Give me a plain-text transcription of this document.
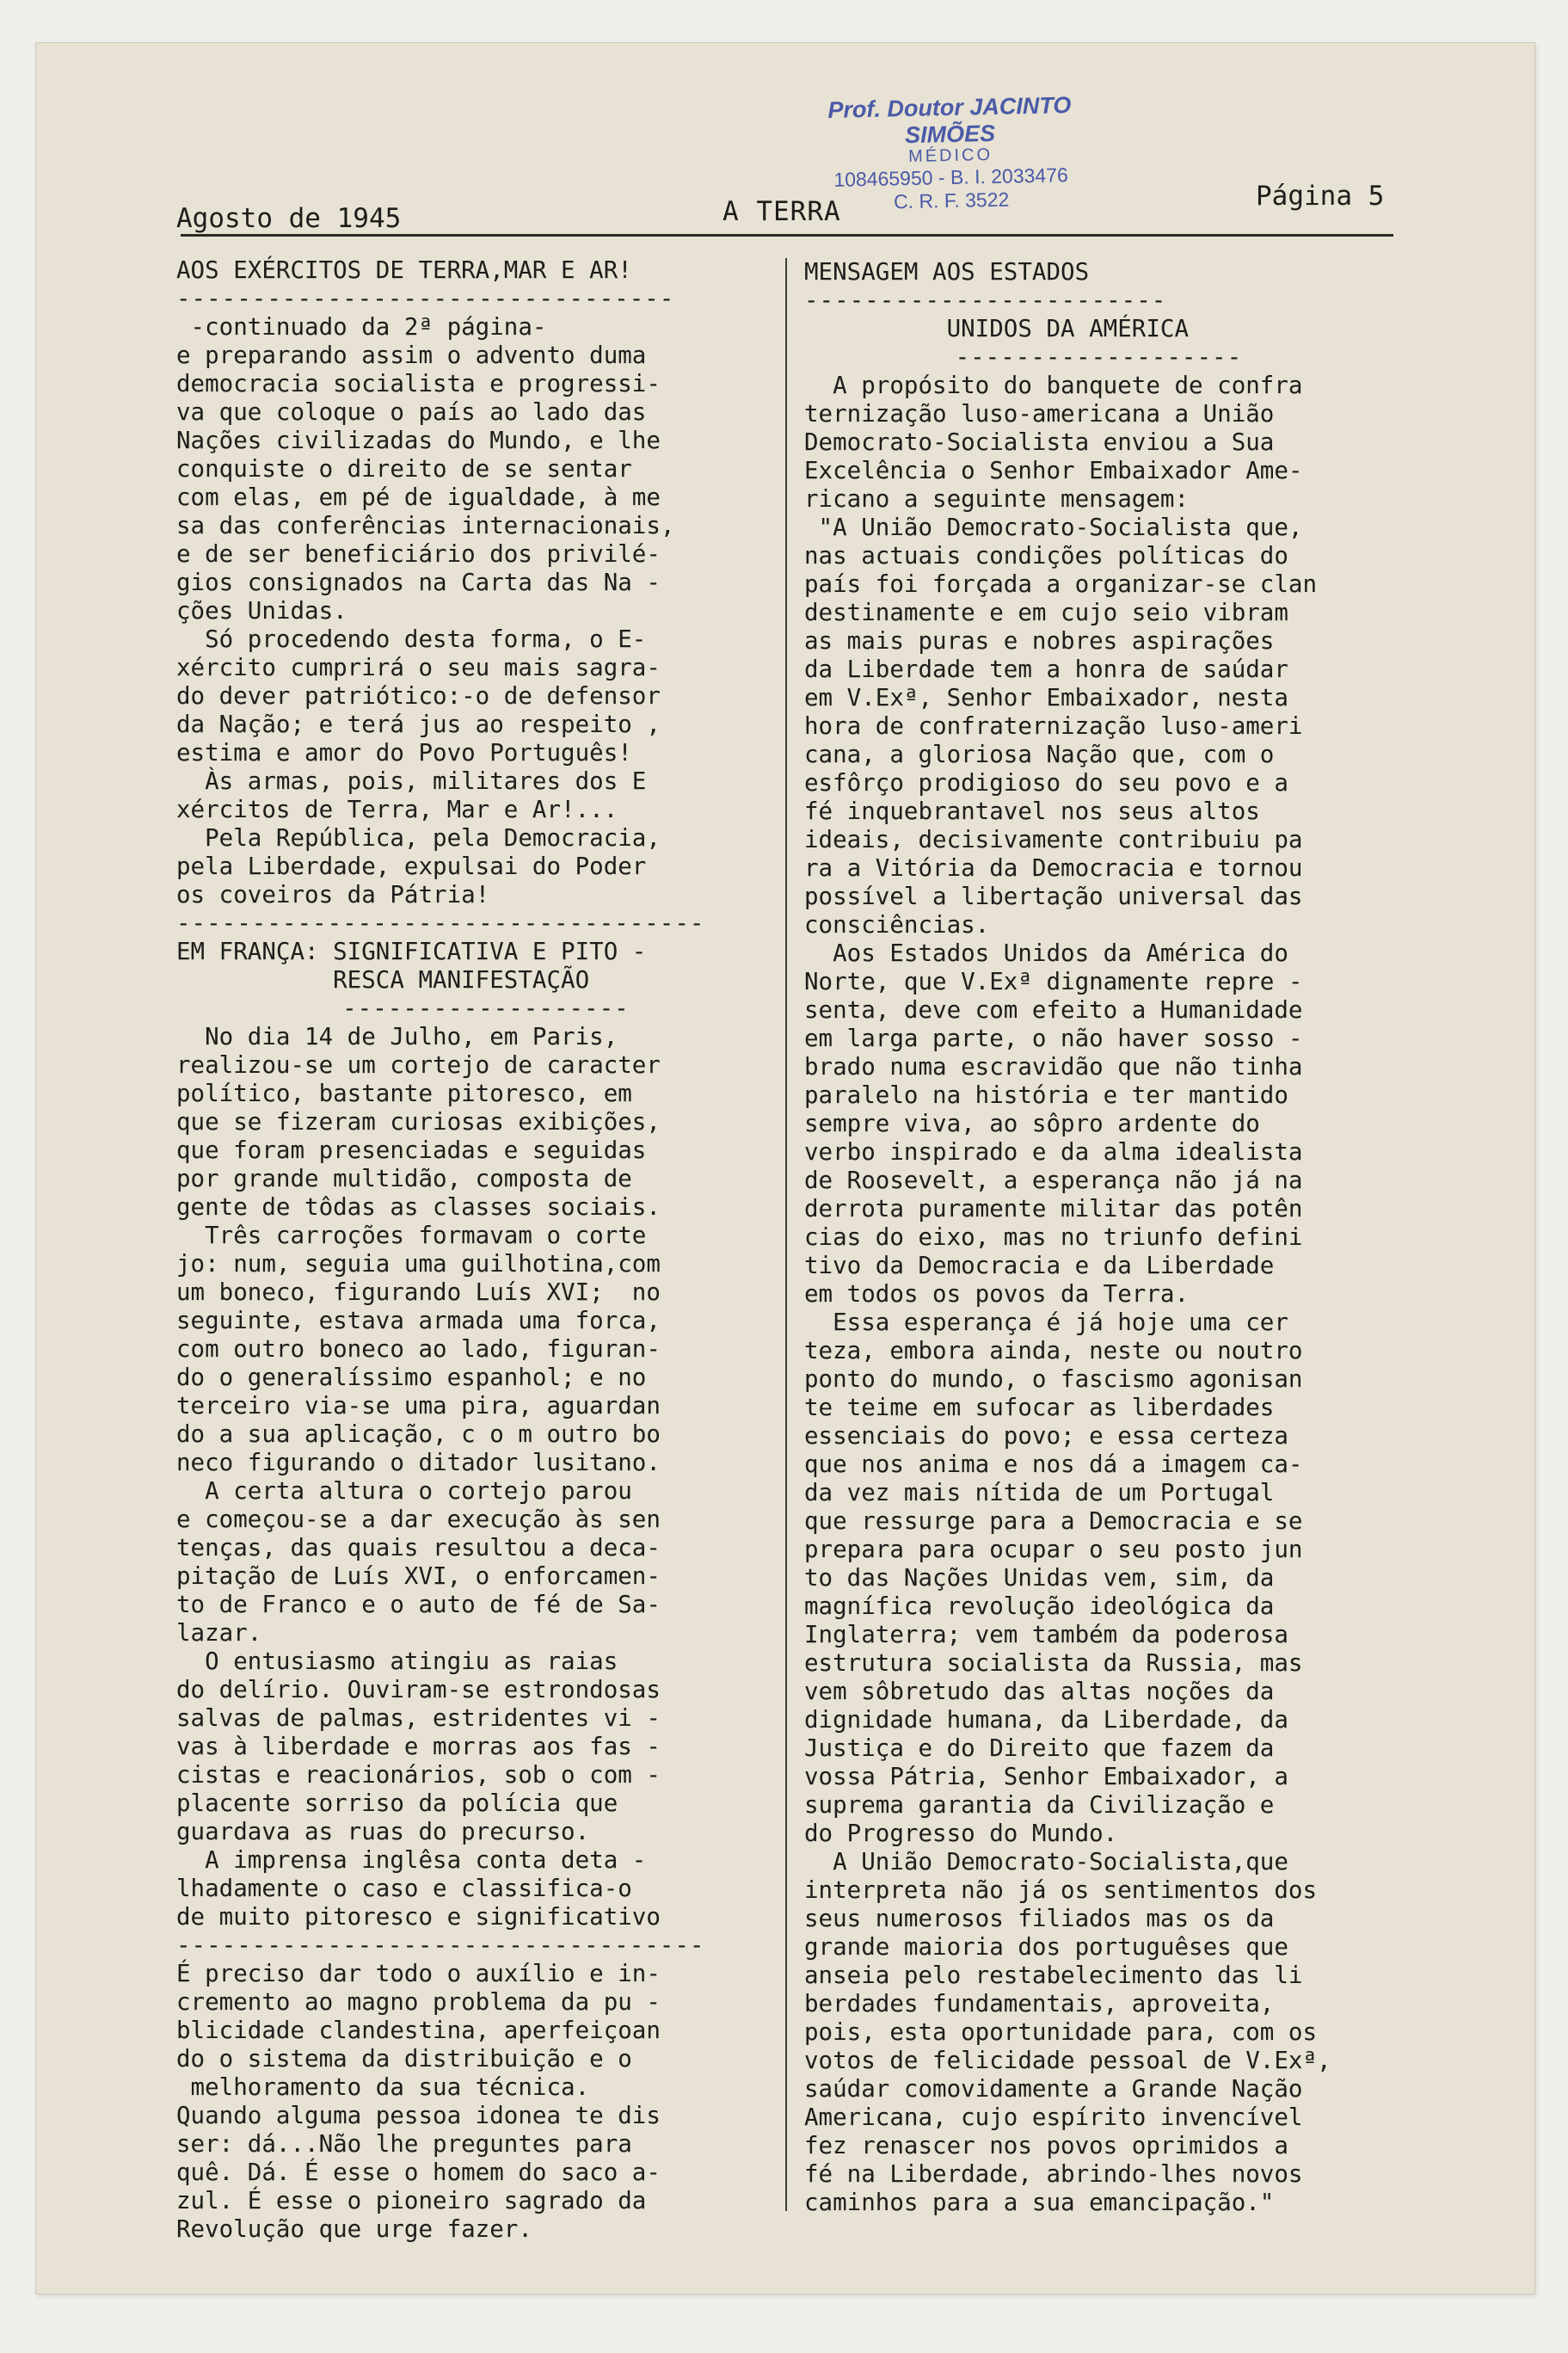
Prof. Doutor JACINTO SIMÕES
MÉDICO
108465950 - B. I. 2033476
C. R. F. 3522
Agosto de 1945	A TERRA	Página 5
AOS EXÉRCITOS DE TERRA,MAR E AR!
---------------------------------
-continuado da 2ª página-
e preparando assim o advento duma
democracia socialista e progressi-
va que coloque o país ao lado das
Nações civilizadas do Mundo, e lhe
conquiste o direito de se sentar
com elas, em pé de igualdade, à me
sa das conferências internacionais,
e de ser beneficiário dos privilé-
gios consignados na Carta das Na -
ções Unidas.
Só procedendo desta forma, o E-
xército cumprirá o seu mais sagra-
do dever patriótico:-o de defensor
da Nação; e terá jus ao respeito ,
estima e amor do Povo Português!
Às armas, pois, militares dos E
xércitos de Terra, Mar e Ar!...
Pela República, pela Democracia,
pela Liberdade, expulsai do Poder
os coveiros da Pátria!
-----------------------------------
EM FRANÇA: SIGNIFICATIVA E PITO -
RESCA MANIFESTAÇÃO
-------------------
No dia 14 de Julho, em Paris,
realizou-se um cortejo de caracter
político, bastante pitoresco, em
que se fizeram curiosas exibições,
que foram presenciadas e seguidas
por grande multidão, composta de
gente de tôdas as classes sociais.
Três carroções formavam o corte
jo: num, seguia uma guilhotina,com
um boneco, figurando Luís XVI;  no
seguinte, estava armada uma forca,
com outro boneco ao lado, figuran-
do o generalíssimo espanhol; e no
terceiro via-se uma pira, aguardan
do a sua aplicação, c o m outro bo
neco figurando o ditador lusitano.
A certa altura o cortejo parou
e começou-se a dar execução às sen
tenças, das quais resultou a deca-
pitação de Luís XVI, o enforcamen-
to de Franco e o auto de fé de Sa-
lazar.
O entusiasmo atingiu as raias
do delírio. Ouviram-se estrondosas
salvas de palmas, estridentes vi -
vas à liberdade e morras aos fas -
cistas e reacionários, sob o com -
placente sorriso da polícia que
guardava as ruas do precurso.
A imprensa inglêsa conta deta -
lhadamente o caso e classifica-o
de muito pitoresco e significativo
-----------------------------------
É preciso dar todo o auxílio e in-
cremento ao magno problema da pu -
blicidade clandestina, aperfeiçoan
do o sistema da distribuição e o
melhoramento da sua técnica.
Quando alguma pessoa idonea te dis
ser: dá...Não lhe preguntes para
quê. Dá. É esse o homem do saco a-
zul. É esse o pioneiro sagrado da
Revolução que urge fazer.
MENSAGEM AOS ESTADOS
------------------------
UNIDOS DA AMÉRICA
-------------------
A propósito do banquete de confra
ternização luso-americana a União
Democrato-Socialista enviou a Sua
Excelência o Senhor Embaixador Ame-
ricano a seguinte mensagem:
"A União Democrato-Socialista que,
nas actuais condições políticas do
país foi forçada a organizar-se clan
destinamente e em cujo seio vibram
as mais puras e nobres aspirações
da Liberdade tem a honra de saúdar
em V.Exª, Senhor Embaixador, nesta
hora de confraternização luso-ameri
cana, a gloriosa Nação que, com o
esfôrço prodigioso do seu povo e a
fé inquebrantavel nos seus altos
ideais, decisivamente contribuiu pa
ra a Vitória da Democracia e tornou
possível a libertação universal das
consciências.
Aos Estados Unidos da América do
Norte, que V.Exª dignamente repre -
senta, deve com efeito a Humanidade
em larga parte, o não haver sosso -
brado numa escravidão que não tinha
paralelo na história e ter mantido
sempre viva, ao sôpro ardente do
verbo inspirado e da alma idealista
de Roosevelt, a esperança não já na
derrota puramente militar das potên
cias do eixo, mas no triunfo defini
tivo da Democracia e da Liberdade
em todos os povos da Terra.
Essa esperança é já hoje uma cer
teza, embora ainda, neste ou noutro
ponto do mundo, o fascismo agonisan
te teime em sufocar as liberdades
essenciais do povo; e essa certeza
que nos anima e nos dá a imagem ca-
da vez mais nítida de um Portugal
que ressurge para a Democracia e se
prepara para ocupar o seu posto jun
to das Nações Unidas vem, sim, da
magnífica revolução ideológica da
Inglaterra; vem também da poderosa
estrutura socialista da Russia, mas
vem sôbretudo das altas noções da
dignidade humana, da Liberdade, da
Justiça e do Direito que fazem da
vossa Pátria, Senhor Embaixador, a
suprema garantia da Civilização e
do Progresso do Mundo.
A União Democrato-Socialista,que
interpreta não já os sentimentos dos
seus numerosos filiados mas os da
grande maioria dos portuguêses que
anseia pelo restabelecimento das li
berdades fundamentais, aproveita,
pois, esta oportunidade para, com os
votos de felicidade pessoal de V.Exª,
saúdar comovidamente a Grande Nação
Americana, cujo espírito invencível
fez renascer nos povos oprimidos a
fé na Liberdade, abrindo-lhes novos
caminhos para a sua emancipação."
